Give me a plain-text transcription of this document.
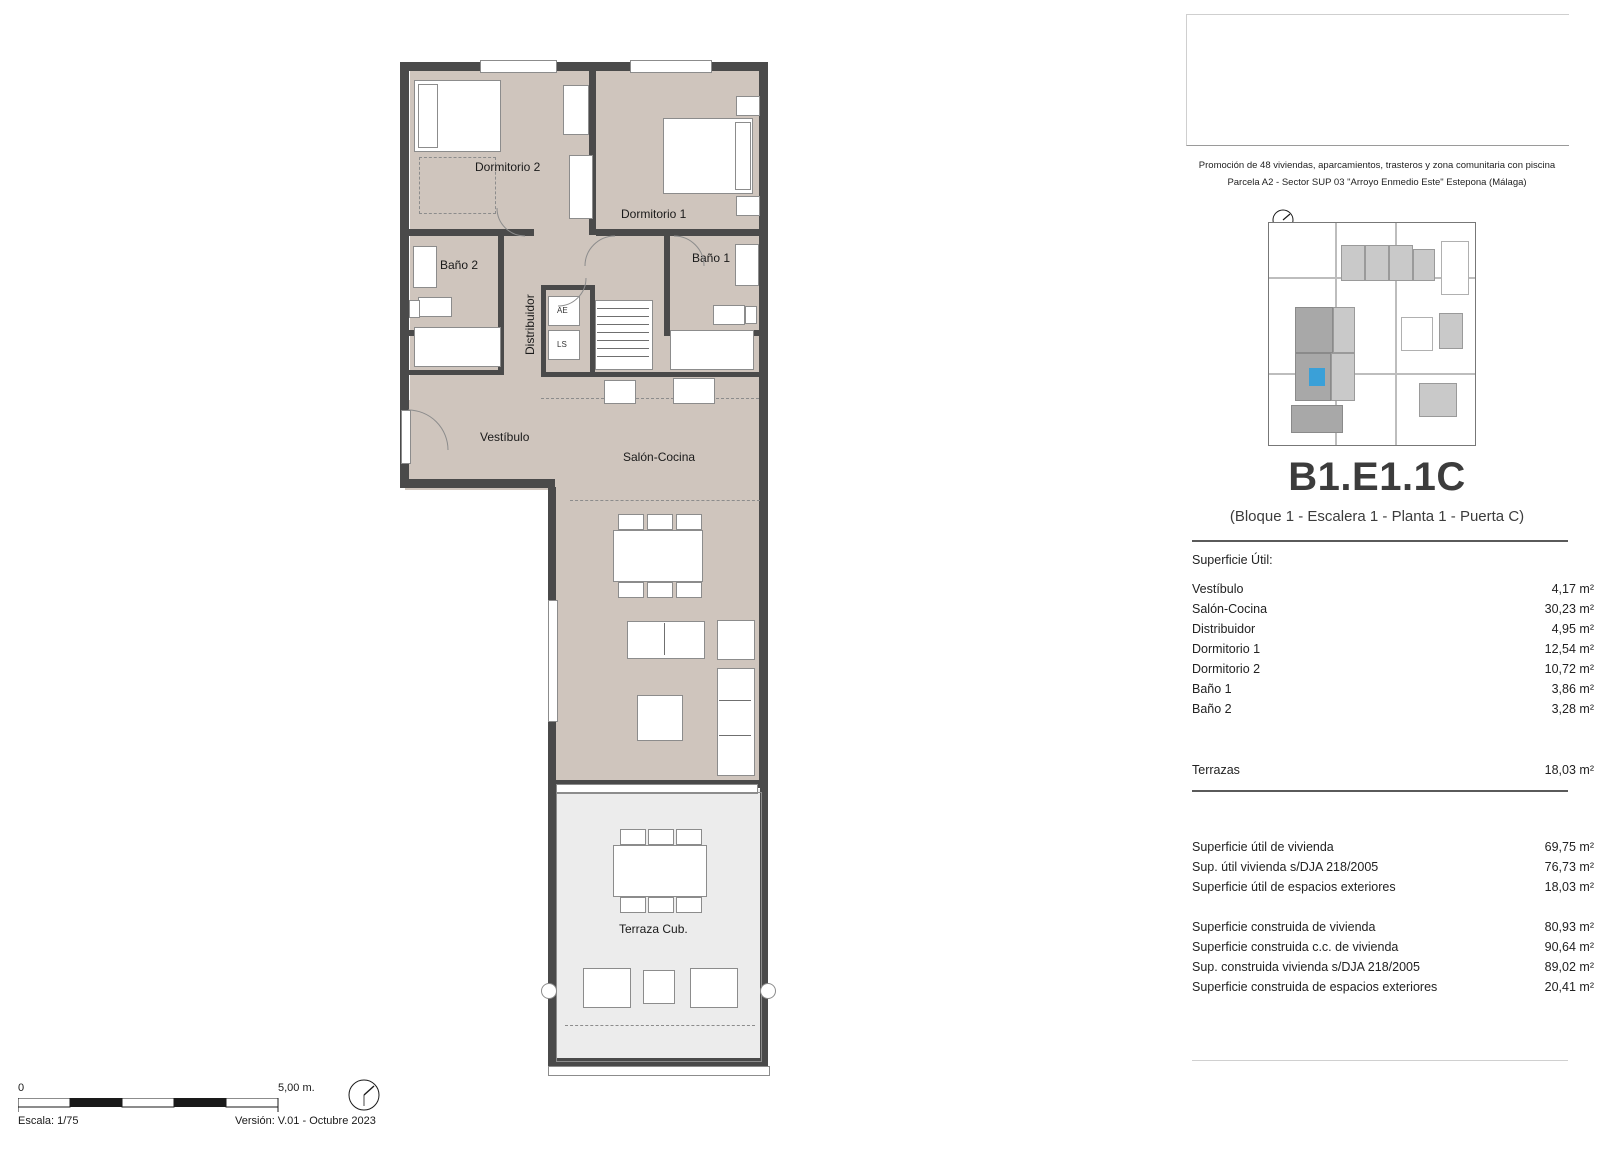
Dormitorio 2
Dormitorio 1
Baño 2	Baño 1
Distribuidor	AE
LS
Vestíbulo
Salón-Cocina
Terraza Cub.
0	5,00 m.
Escala: 1/75	Versión: V.01 - Octubre 2023
Promoción de 48 viviendas, aparcamientos, trasteros y zona comunitaria con piscina
Parcela A2 - Sector SUP 03 "Arroyo Enmedio Este" Estepona (Málaga)
B1.E1.1C
(Bloque 1 - Escalera 1 - Planta 1 - Puerta C)
Superficie Útil:
Vestíbulo	4,17 m²
Salón-Cocina	30,23 m²
Distribuidor	4,95 m²
Dormitorio 1	12,54 m²
Dormitorio 2	10,72 m²
Baño 1	3,86 m²
Baño 2	3,28 m²
Terrazas	18,03 m²
Superficie útil de vivienda	69,75 m²
Sup. útil vivienda s/DJA 218/2005	76,73 m²
Superficie útil de espacios exteriores	18,03 m²
Superficie construida de vivienda	80,93 m²
Superficie construida c.c. de vivienda	90,64 m²
Sup. construida vivienda s/DJA 218/2005	89,02 m²
Superficie construida de espacios exteriores	20,41 m²
